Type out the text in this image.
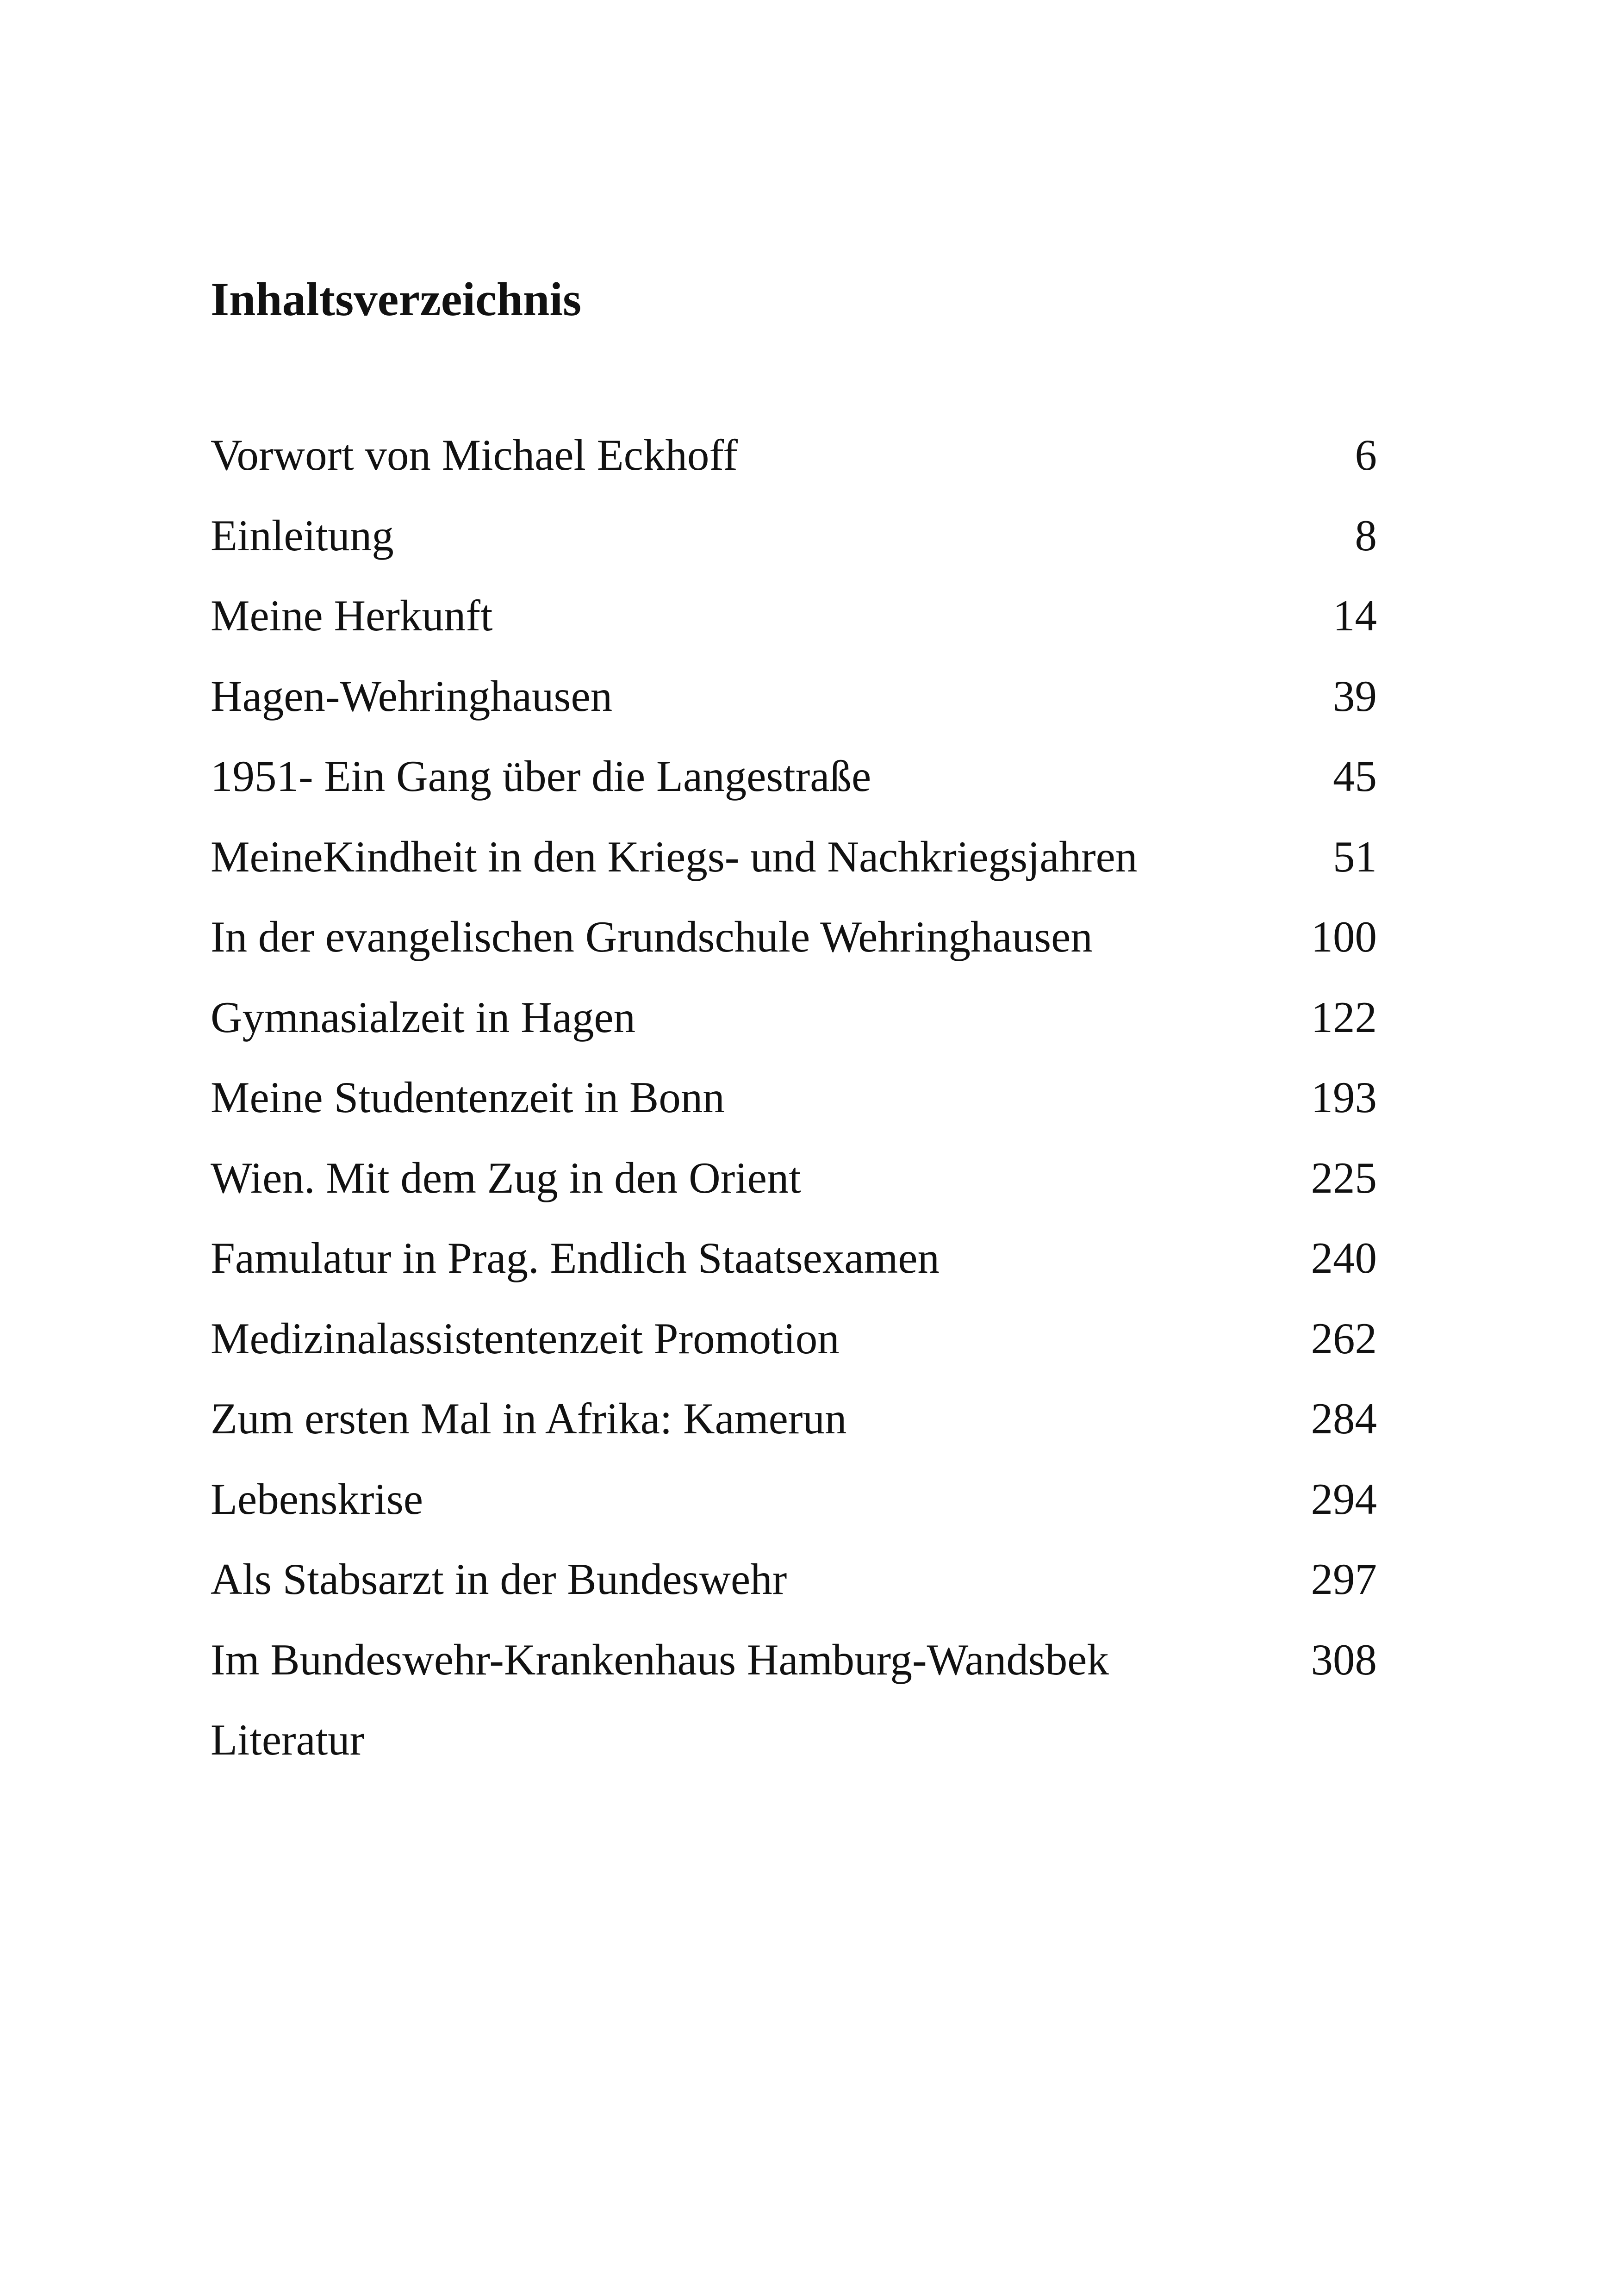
Inhaltsverzeichnis
Vorwort von Michael Eckhoff	6
Einleitung	8
Meine Herkunft	14
Hagen-Wehringhausen	39
1951- Ein Gang über die Langestraße	45
MeineKindheit in den Kriegs- und Nachkriegsjahren	51
In der evangelischen Grundschule Wehringhausen	100
Gymnasialzeit in Hagen	122
Meine Studentenzeit in Bonn	193
Wien. Mit dem Zug in den Orient	225
Famulatur in Prag. Endlich Staatsexamen	240
Medizinalassistentenzeit Promotion	262
Zum ersten Mal in Afrika: Kamerun	284
Lebenskrise	294
Als Stabsarzt in der Bundeswehr	297
Im Bundeswehr-Krankenhaus Hamburg-Wandsbek	308
Literatur
